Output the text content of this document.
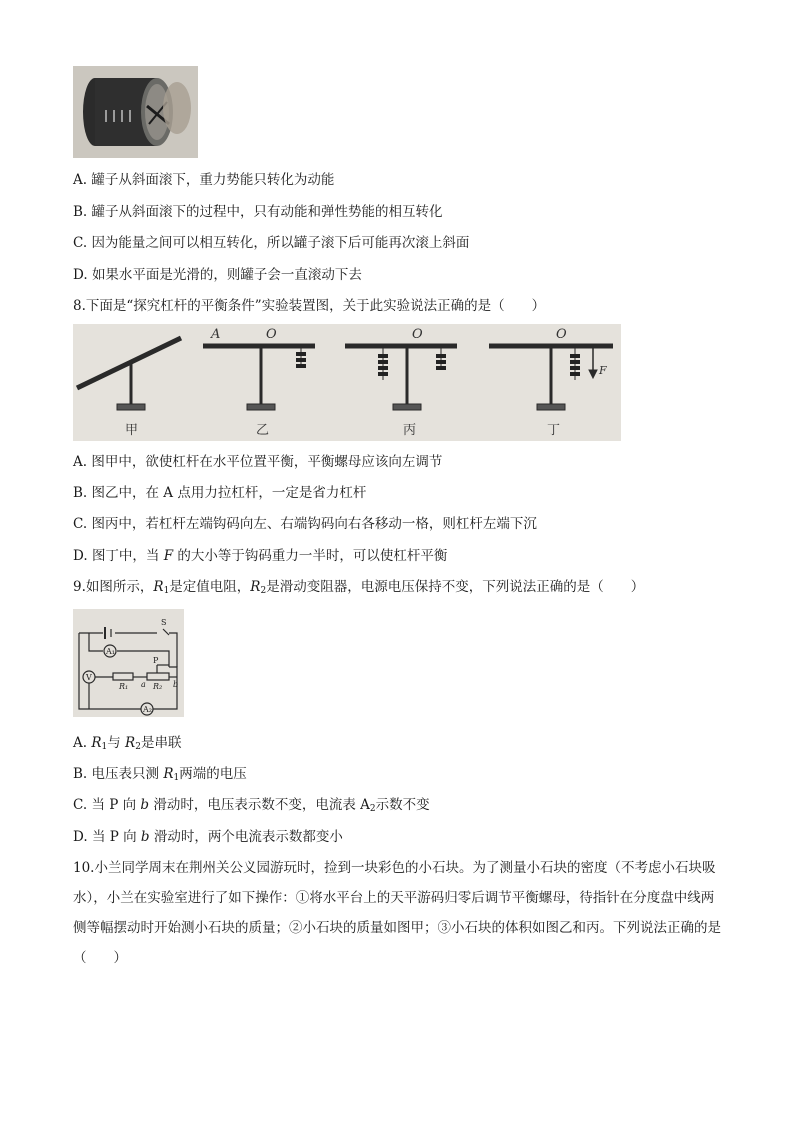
A. 罐子从斜面滚下，重力势能只转化为动能
B. 罐子从斜面滚下的过程中，只有动能和弹性势能的相互转化
C. 因为能量之间可以相互转化，所以罐子滚下后可能再次滚上斜面
D. 如果水平面是光滑的，则罐子会一直滚动下去
8.下面是“探究杠杆的平衡条件”实验装置图，关于此实验说法正确的是（　　）
甲	乙	丙	丁
A	O	O	O
F
A. 图甲中，欲使杠杆在水平位置平衡，平衡螺母应该向左调节
B. 图乙中，在 A 点用力拉杠杆，一定是省力杠杆
C. 图丙中，若杠杆左端钩码向左、右端钩码向右各移动一格，则杠杆左端下沉
D. 图丁中，当 F 的大小等于钩码重力一半时，可以使杠杆平衡
9.如图所示，$R_1$是定值电阻，$R_2$是滑动变阻器，电源电压保持不变，下列说法正确的是（　　）
A₁
V
A₂
S
P
R₁	R₂
a	b
A. $R_1$与 $R_2$是串联
B. 电压表只测 $R_1$两端的电压
C. 当 P 向 b 滑动时，电压表示数不变，电流表 $A_2$示数不变
D. 当 P 向 b 滑动时，两个电流表示数都变小
10.小兰同学周末在荆州关公义园游玩时，捡到一块彩色的小石块。为了测量小石块的密度（不考虑小石块吸水），小兰在实验室进行了如下操作：①将水平台上的天平游码归零后调节平衡螺母，待指针在分度盘中线两侧等幅摆动时开始测小石块的质量；②小石块的质量如图甲；③小石块的体积如图乙和丙。下列说法正确的是（　　）
